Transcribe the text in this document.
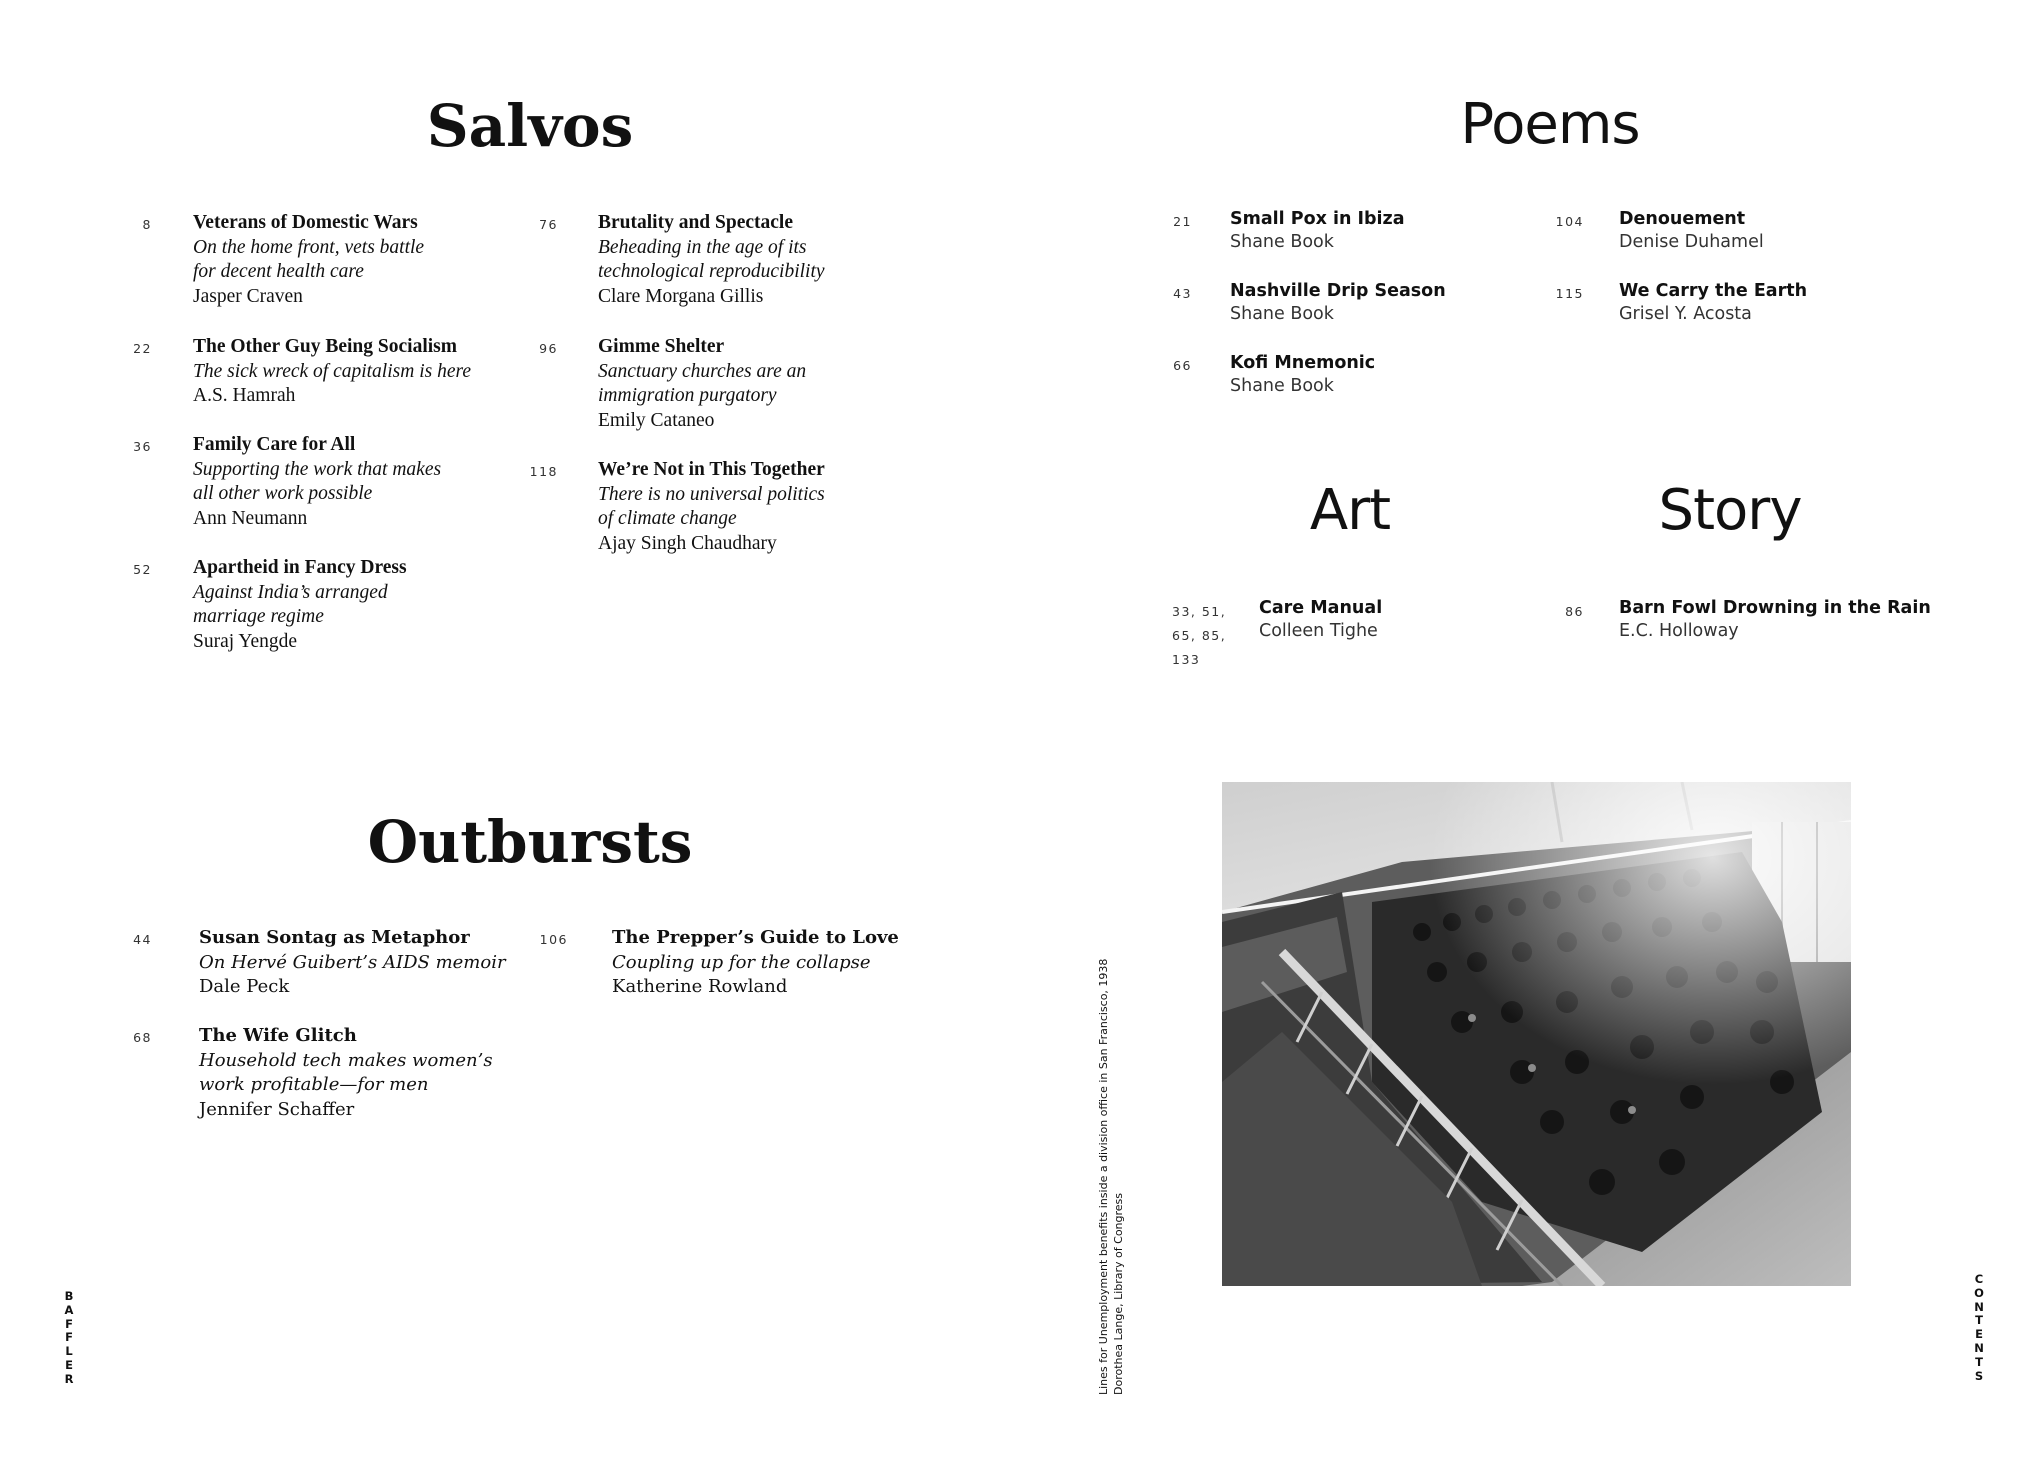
Salvos
8 Veterans of Domestic Wars
On the home front, vets battle
for decent health care
Jasper Craven
22 The Other Guy Being Socialism
The sick wreck of capitalism is here
A.S. Hamrah
36 Family Care for All
Supporting the work that makes
all other work possible
Ann Neumann
52 Apartheid in Fancy Dress
Against India’s arranged
marriage regime
Suraj Yengde
76 Brutality and Spectacle
Beheading in the age of its
technological reproducibility
Clare Morgana Gillis
96 Gimme Shelter
Sanctuary churches are an
immigration purgatory
Emily Cataneo
118 We’re Not in This Together
There is no universal politics
of climate change
Ajay Singh Chaudhary
Outbursts
44	Susan Sontag as Metaphor
On Hervé Guibert’s AIDS memoir
Dale Peck
68	The Wife Glitch
Household tech makes women’s
work profitable—for men
Jennifer Schaffer
106 The Prepper’s Guide to Love
Coupling up for the collapse
Katherine Rowland
Poems
21 Small Pox in Ibiza
Shane Book
43 Nashville Drip Season
Shane Book
66 Kofi Mnemonic
Shane Book
104 Denouement
Denise Duhamel
115 We Carry the Earth
Grisel Y. Acosta
Art
33, 51,
65, 85,
133
Care Manual
Colleen Tighe
Story
86 Barn Fowl Drowning in the Rain
E.C. Holloway
Lines for Unemployment benefits inside a division office in San Francisco, 1938 Dorothea Lange, Library of Congress
B
A
F
F
L
E
R
C
O
N
T
E
N
T
S
